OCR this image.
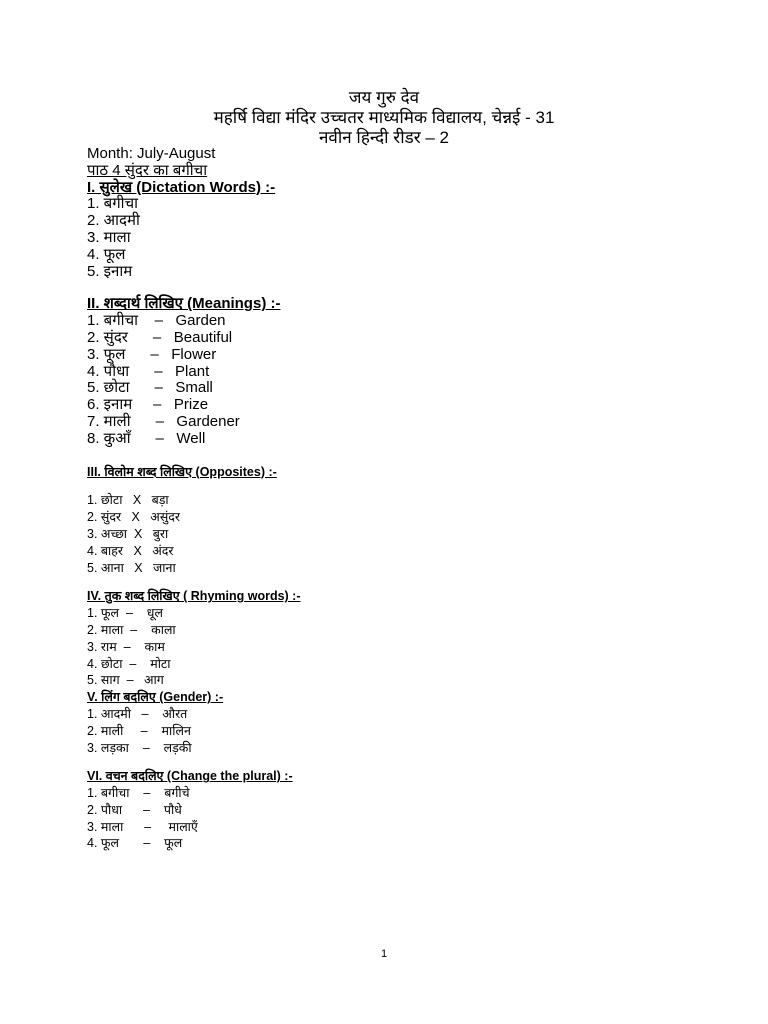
जय गुरु देव
महर्षि विद्या मंदिर उच्चतर माध्यमिक विद्यालय, चेन्नई - 31
नवीन हिन्दी रीडर – 2
Month: July-August
पाठ 4 सुंदर का बगीचा
I. सुलेख (Dictation Words) :-
1. बगीचा
2. आदमी
3. माला
4. फूल
5. इनाम
II. शब्दार्थ लिखिए (Meanings) :-
1. बगीचा    –   Garden
2. सुंदर      –   Beautiful
3. फूल      –   Flower
4. पौधा      –   Plant
5. छोटा      –   Small
6. इनाम     –   Prize
7. माली      –   Gardener
8. कुआँ      –   Well
III. विलोम शब्द लिखिए (Opposites) :-
1. छोटा   X   बड़ा
2. सुंदर   X   असुंदर
3. अच्छा  X   बुरा
4. बाहर   X   अंदर
5. आना   X   जाना
IV. तुक शब्द लिखिए ( Rhyming words) :-
1. फूल  –    धूल
2. माला  –    काला
3. राम  –    काम
4. छोटा  –    मोटा
5. साग  –   आग
V. लिंग बदलिए (Gender) :-
1. आदमी   –    औरत
2. माली     –    मालिन
3. लड़का    –    लड़की
VI. वचन बदलिए (Change the plural) :-
1. बगीचा    –    बगीचे
2. पौधा      –    पौधे
3. माला      –     मालाएँ
4. फूल       –    फूल
1
